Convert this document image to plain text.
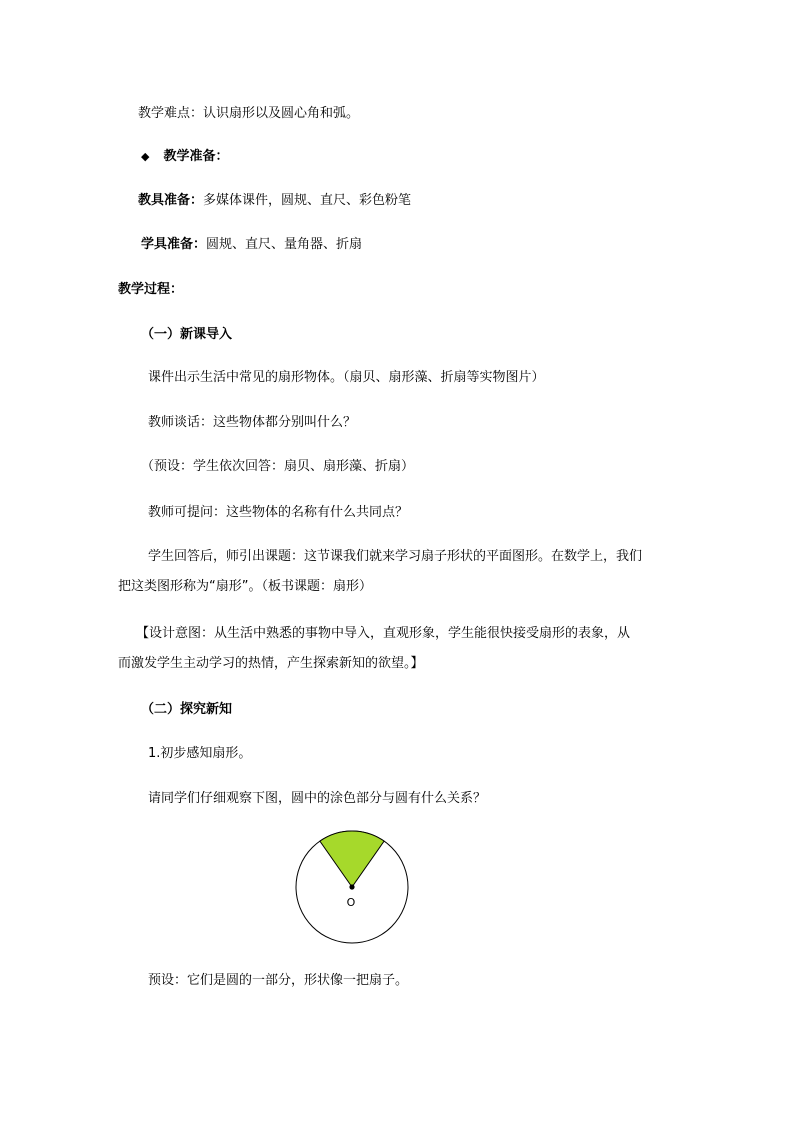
教学难点：认识扇形以及圆心角和弧。
◆ 教学准备：
教具准备：多媒体课件，圆规、直尺、彩色粉笔
学具准备：圆规、直尺、量角器、折扇
教学过程：
（一）新课导入
课件出示生活中常见的扇形物体。（扇贝、扇形藻、折扇等实物图片）
教师谈话：这些物体都分别叫什么？
（预设：学生依次回答：扇贝、扇形藻、折扇）
教师可提问：这些物体的名称有什么共同点？
学生回答后，师引出课题：这节课我们就来学习扇子形状的平面图形。在数学上，我们
把这类图形称为“扇形”。（板书课题：扇形）
【设计意图：从生活中熟悉的事物中导入，直观形象，学生能很快接受扇形的表象，从
而激发学生主动学习的热情，产生探索新知的欲望。】
（二）探究新知
1.初步感知扇形。
请同学们仔细观察下图，圆中的涂色部分与圆有什么关系？
O
预设：它们是圆的一部分，形状像一把扇子。
